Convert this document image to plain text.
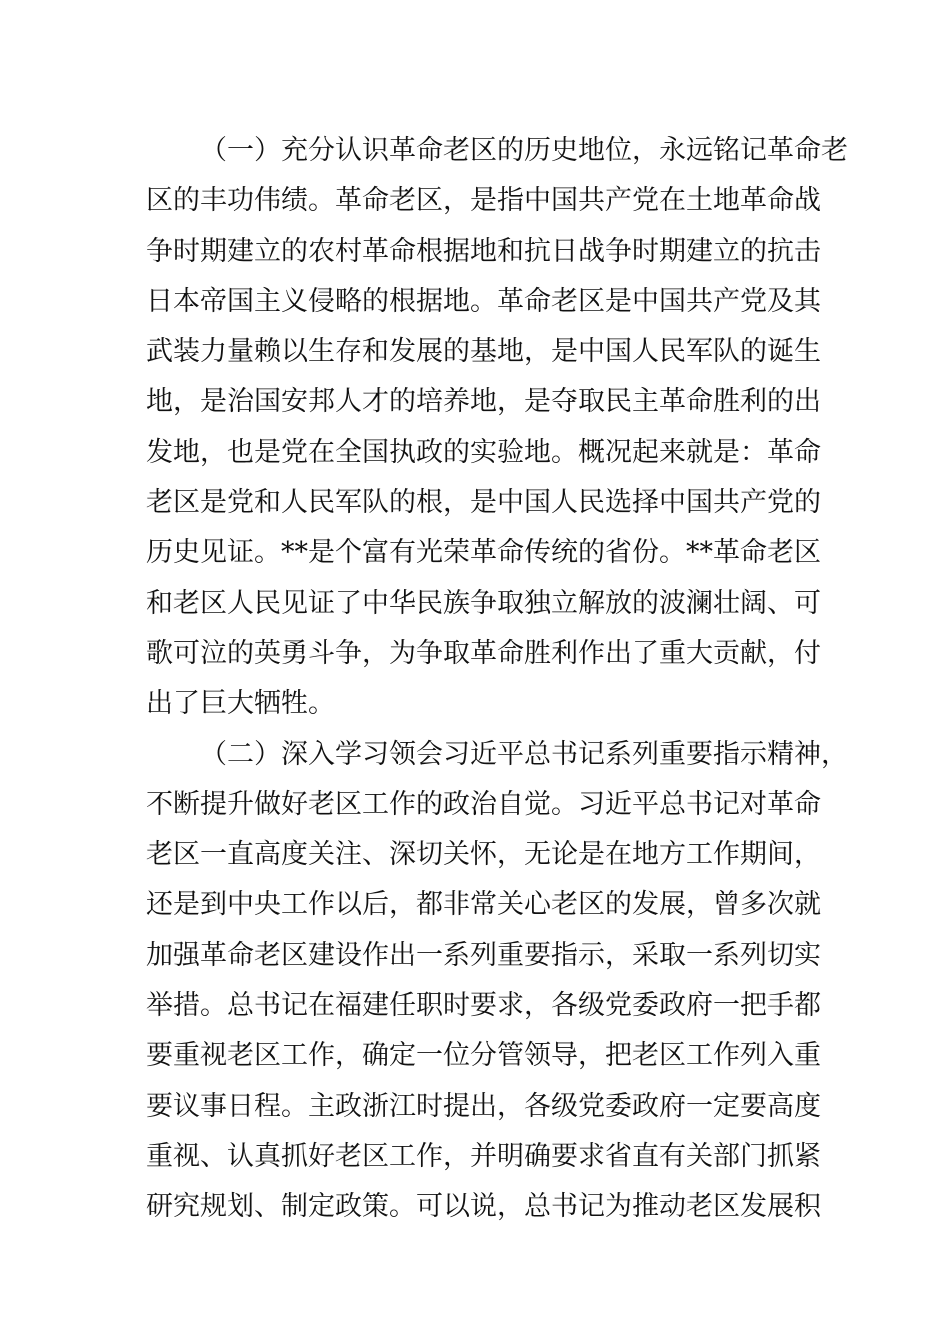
（一）充分认识革命老区的历史地位，永远铭记革命老
区的丰功伟绩。革命老区，是指中国共产党在土地革命战
争时期建立的农村革命根据地和抗日战争时期建立的抗击
日本帝国主义侵略的根据地。革命老区是中国共产党及其
武装力量赖以生存和发展的基地，是中国人民军队的诞生
地，是治国安邦人才的培养地，是夺取民主革命胜利的出
发地，也是党在全国执政的实验地。概况起来就是：革命
老区是党和人民军队的根，是中国人民选择中国共产党的
历史见证。**是个富有光荣革命传统的省份。**革命老区
和老区人民见证了中华民族争取独立解放的波澜壮阔、可
歌可泣的英勇斗争，为争取革命胜利作出了重大贡献，付
出了巨大牺牲。
（二）深入学习领会习近平总书记系列重要指示精神，
不断提升做好老区工作的政治自觉。习近平总书记对革命
老区一直高度关注、深切关怀，无论是在地方工作期间，
还是到中央工作以后，都非常关心老区的发展，曾多次就
加强革命老区建设作出一系列重要指示，采取一系列切实
举措。总书记在福建任职时要求，各级党委政府一把手都
要重视老区工作，确定一位分管领导，把老区工作列入重
要议事日程。主政浙江时提出，各级党委政府一定要高度
重视、认真抓好老区工作，并明确要求省直有关部门抓紧
研究规划、制定政策。可以说，总书记为推动老区发展积
